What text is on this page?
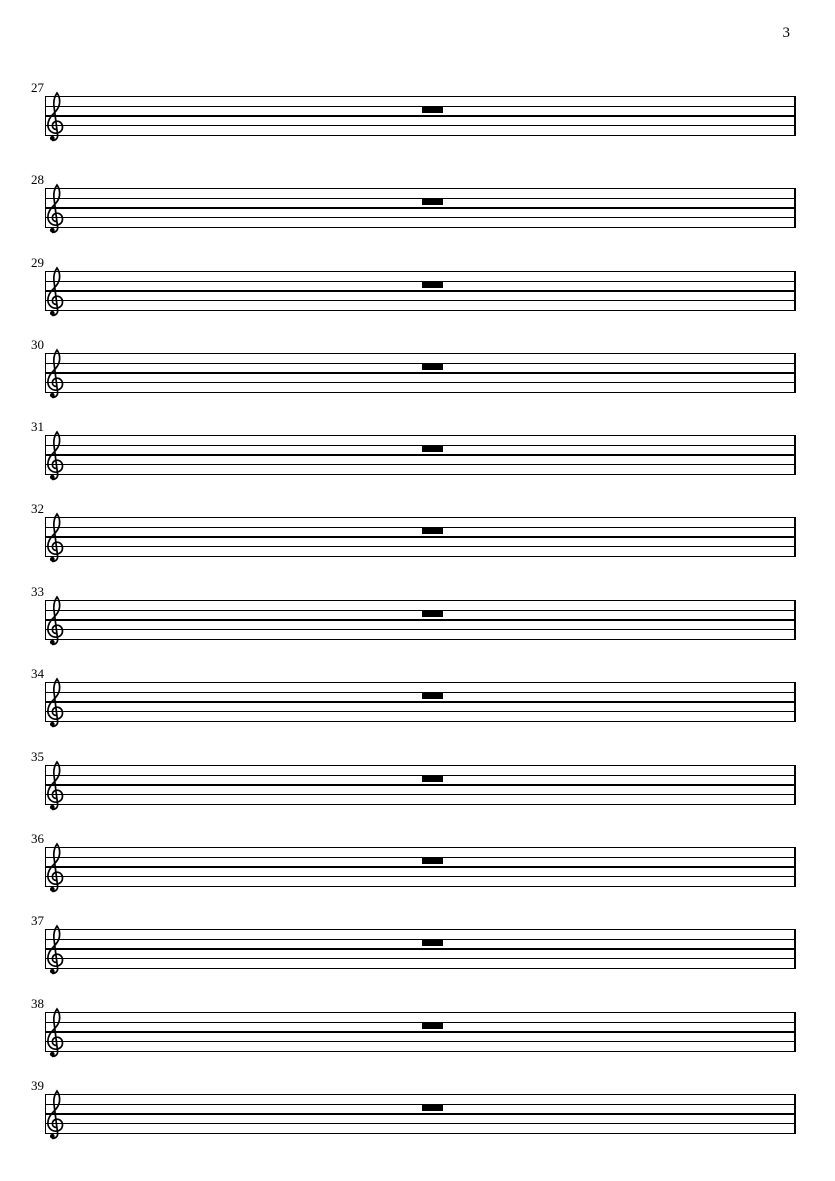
3
27
28
29
30
31
32
33
34
35
36
37
38
39
